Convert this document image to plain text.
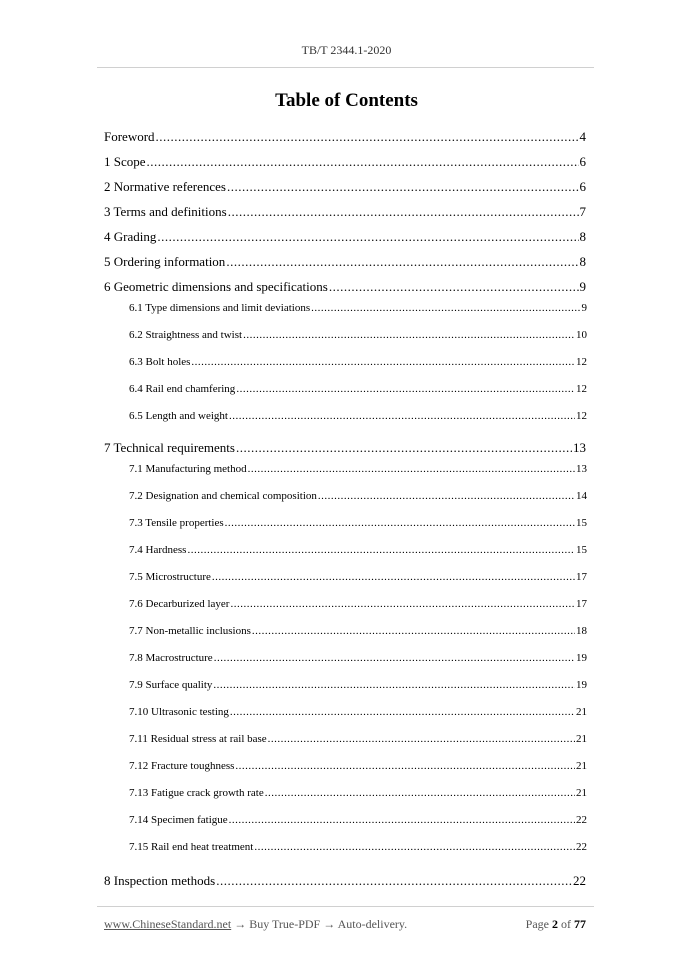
TB/T 2344.1-2020
Table of Contents
Foreword .....	4
1 Scope .....	6
2 Normative references .....	6
3 Terms and definitions .....	7
4 Grading .....	8
5 Ordering information .....	8
6 Geometric dimensions and specifications .....	9
6.1 Type dimensions and limit deviations .....	9
6.2 Straightness and twist .....	10
6.3 Bolt holes .....	12
6.4 Rail end chamfering .....	12
6.5 Length and weight .....	12
7 Technical requirements .....	13
7.1 Manufacturing method .....	13
7.2 Designation and chemical composition .....	14
7.3 Tensile properties .....	15
7.4 Hardness .....	15
7.5 Microstructure .....	17
7.6 Decarburized layer .....	17
7.7 Non-metallic inclusions .....	18
7.8 Macrostructure .....	19
7.9 Surface quality .....	19
7.10 Ultrasonic testing .....	21
7.11 Residual stress at rail base .....	21
7.12 Fracture toughness .....	21
7.13 Fatigue crack growth rate .....	21
7.14 Specimen fatigue .....	22
7.15 Rail end heat treatment .....	22
8 Inspection methods .....	22
www.ChineseStandard.net → Buy True-PDF → Auto-delivery.	Page 2 of 77
